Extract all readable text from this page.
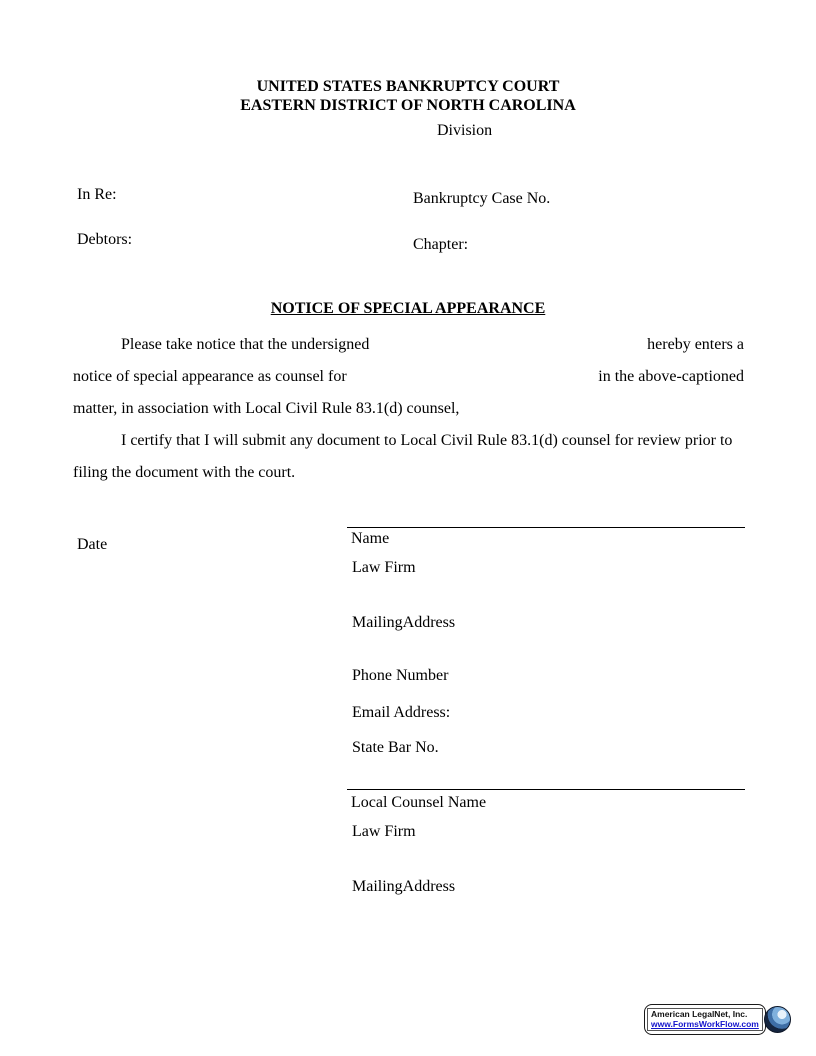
UNITED STATES BANKRUPTCY COURT
EASTERN DISTRICT OF NORTH CAROLINA
Division
In Re:	Bankruptcy Case No.
Debtors:	Chapter:
NOTICE OF SPECIAL APPEARANCE
Please take notice that the undersigned	hereby enters a
notice of special appearance as counsel for	in the above-captioned
matter, in association with Local Civil Rule 83.1(d) counsel,
I certify that I will submit any document to Local Civil Rule 83.1(d) counsel for review prior to
filing the document with the court.
Date	Name
Law Firm
MailingAddress
Phone Number
Email Address:
State Bar No.
Local Counsel Name
Law Firm
MailingAddress
American LegalNet, Inc.
www.FormsWorkFlow.com
